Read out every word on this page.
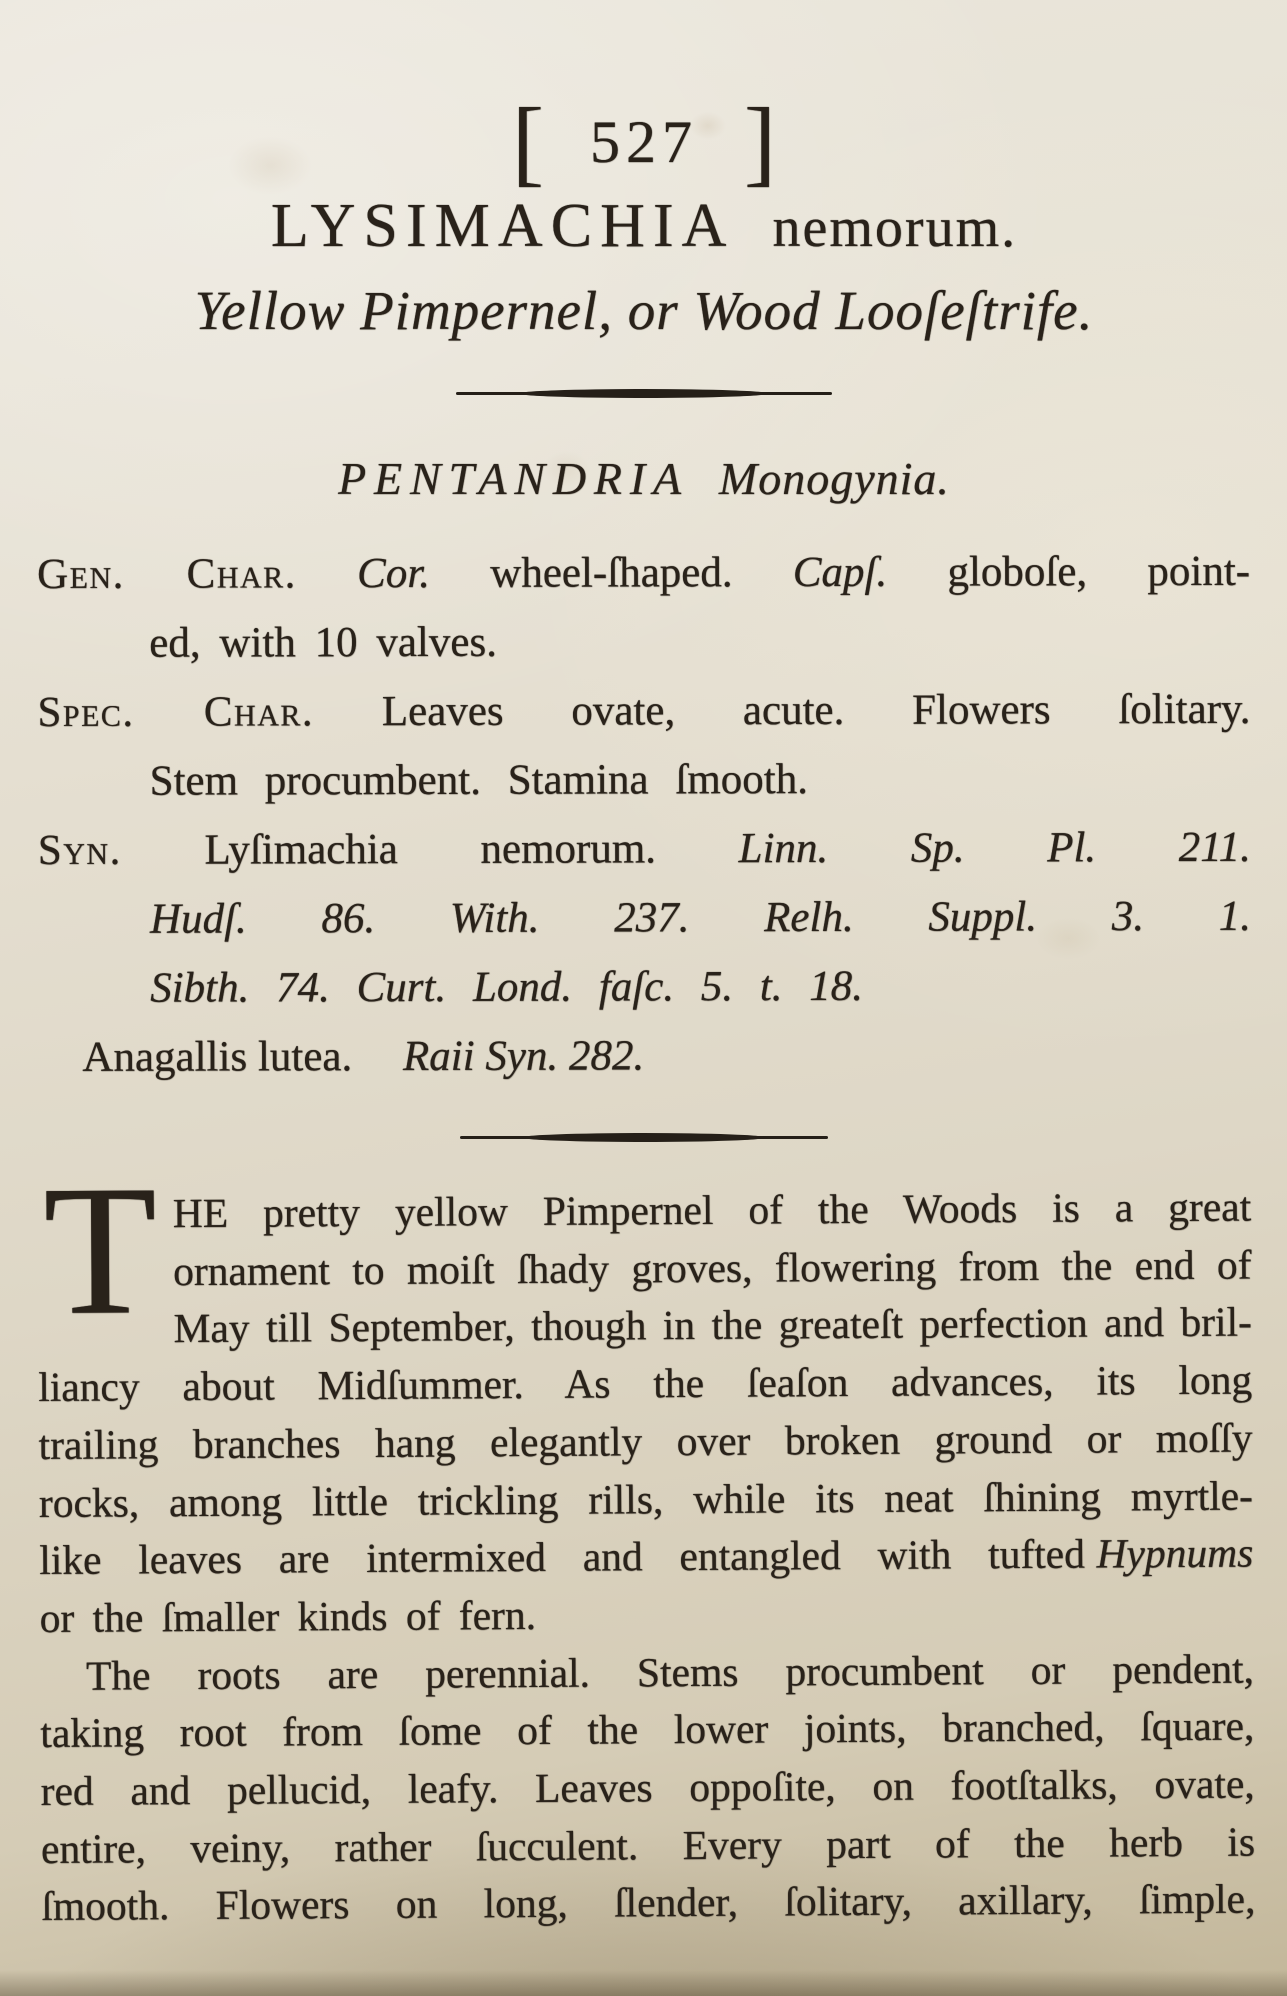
[ 527 ]
LYSIMACHIA nemorum.
Yellow Pimpernel, or Wood Looſeſtrife.
PENTANDRIA Monogynia.
Gen. Char. Cor. wheel-ſhaped. Capſ. globoſe, point-
ed, with 10 valves.
Spec. Char. Leaves ovate, acute. Flowers ſolitary.
Stem procumbent. Stamina ſmooth.
Syn. Lyſimachia nemorum. Linn. Sp. Pl. 211.
Hudſ. 86. With. 237. Relh. Suppl. 3. 1.
Sibth. 74. Curt. Lond. faſc. 5. t. 18.
Anagallis lutea. Raii Syn. 282.
T HE pretty yellow Pimpernel of the Woods is a great
ornament to moiſt ſhady groves, flowering from the end of
May till September, though in the greateſt perfection and bril-
liancy about Midſummer. As the ſeaſon advances, its long
trailing branches hang elegantly over broken ground or moſſy
rocks, among little trickling rills, while its neat ſhining myrtle-
like leaves are intermixed and entangled with tufted Hypnums
or the ſmaller kinds of fern.
The roots are perennial. Stems procumbent or pendent,
taking root from ſome of the lower joints, branched, ſquare,
red and pellucid, leafy. Leaves oppoſite, on footſtalks, ovate,
entire, veiny, rather ſucculent. Every part of the herb is
ſmooth. Flowers on long, ſlender, ſolitary, axillary, ſimple,
